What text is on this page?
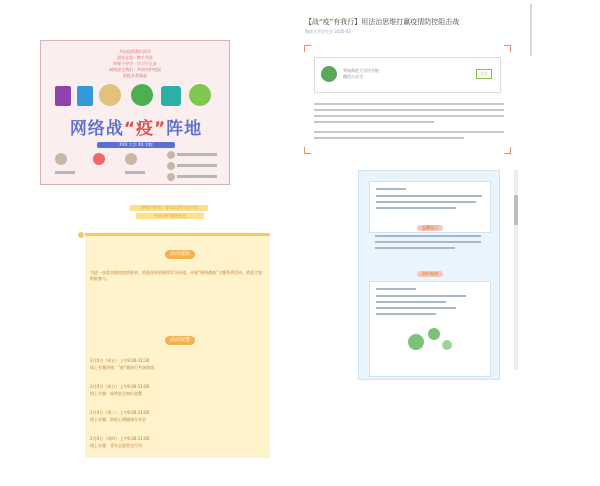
共抗疫情我们同学
团结友爱 · 携手共进
停课不停学 · 学习不止步
网络安全我们 · 共同守护校园
防疫从我做起
网络战“疫”阵地
XXX 大学 XX 学院
【战“疫”有我行】用法治思维打赢疫情防控阻击战
暨南大学学生会 2020-02
华南师范大学法学院
微信公众号
关注
停课不停学，青年同学们在行动
共同守护网络安全
活动通知
为进一步落实防控疫情要求，营造良好的网络学习环境，开展“网络战疫”主题系列活动，欢迎大家积极参与。
活动安排
2月X日（周五）上午9:30-11:30
线上专题讲座：“疫”路同行共筑防线
2月X日（周日）上午9:30-11:00
线上专题：网络安全知识竞赛
2月X日（周二）上午9:30-11:00
线上专题：防疫心理健康分享会
2月X日（周四）上午9:30-11:00
线上专题：青年志愿者在行动
温馨提示
防护指南
